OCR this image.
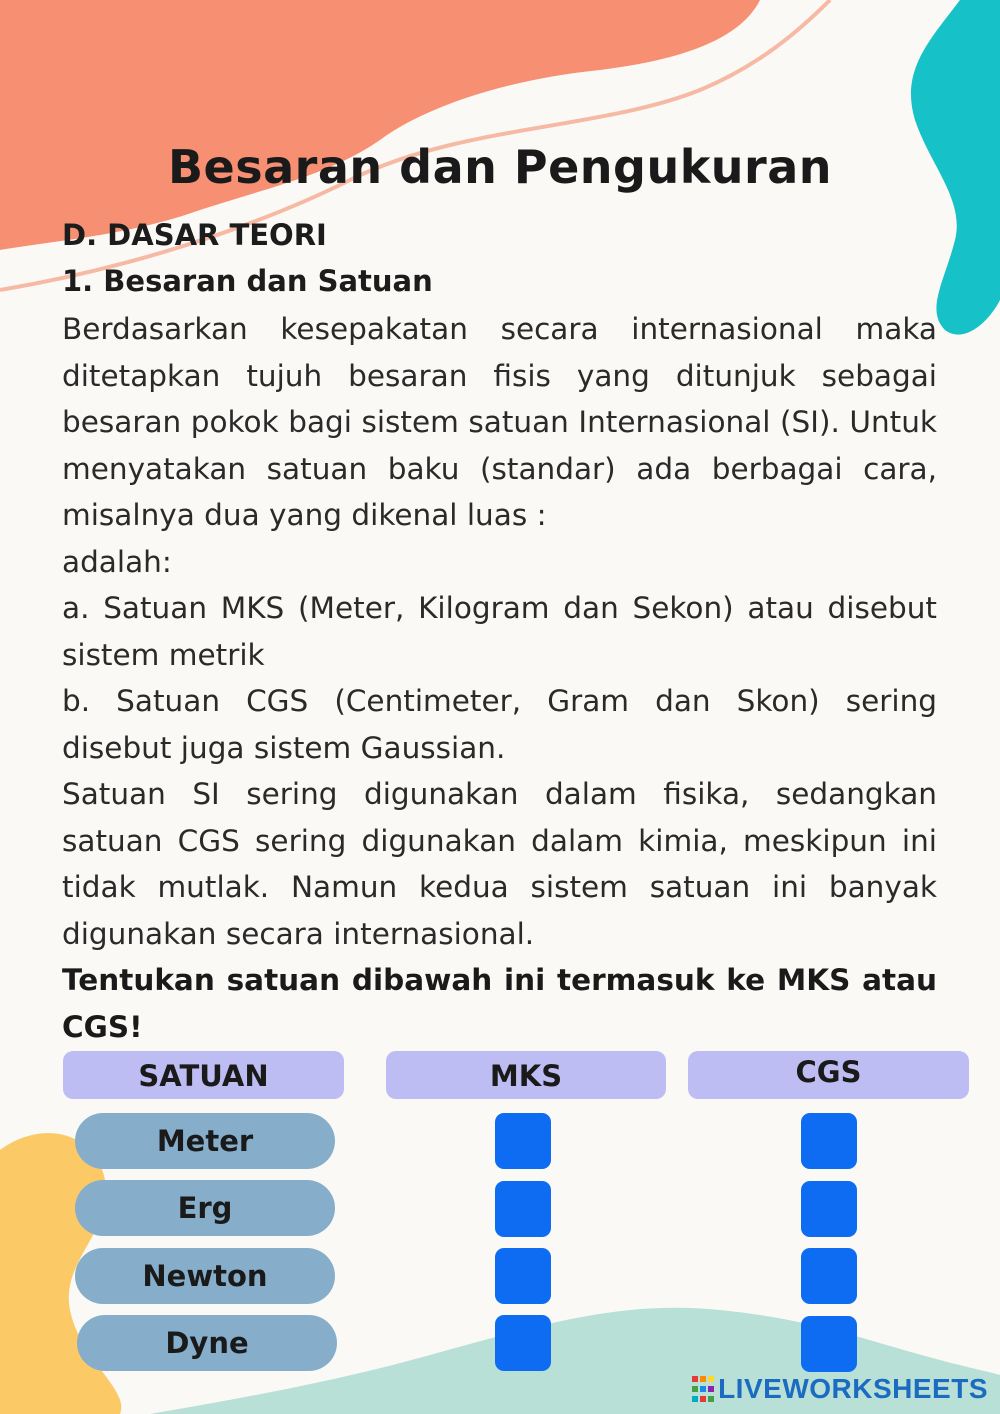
Besaran dan Pengukuran
D. DASAR TEORI
1. Besaran dan Satuan

Berdasarkan kesepakatan secara internasional maka ditetapkan tujuh besaran fisis yang ditunjuk sebagai besaran pokok bagi sistem satuan Internasional (SI). Untuk menyatakan satuan baku (standar) ada berbagai cara, misalnya dua yang dikenal luas :

adalah:

a. Satuan MKS (Meter, Kilogram dan Sekon) atau disebut sistem metrik

b. Satuan CGS (Centimeter, Gram dan Skon) sering disebut juga sistem Gaussian.

Satuan SI sering digunakan dalam fisika, sedangkan satuan CGS sering digunakan dalam kimia, meskipun ini tidak mutlak. Namun kedua sistem satuan ini banyak digunakan secara internasional.

Tentukan satuan dibawah ini termasuk ke MKS atau CGS!
SATUAN	MKS	CGS
Meter
Erg
Newton
Dyne
LIVEWORKSHEETS
